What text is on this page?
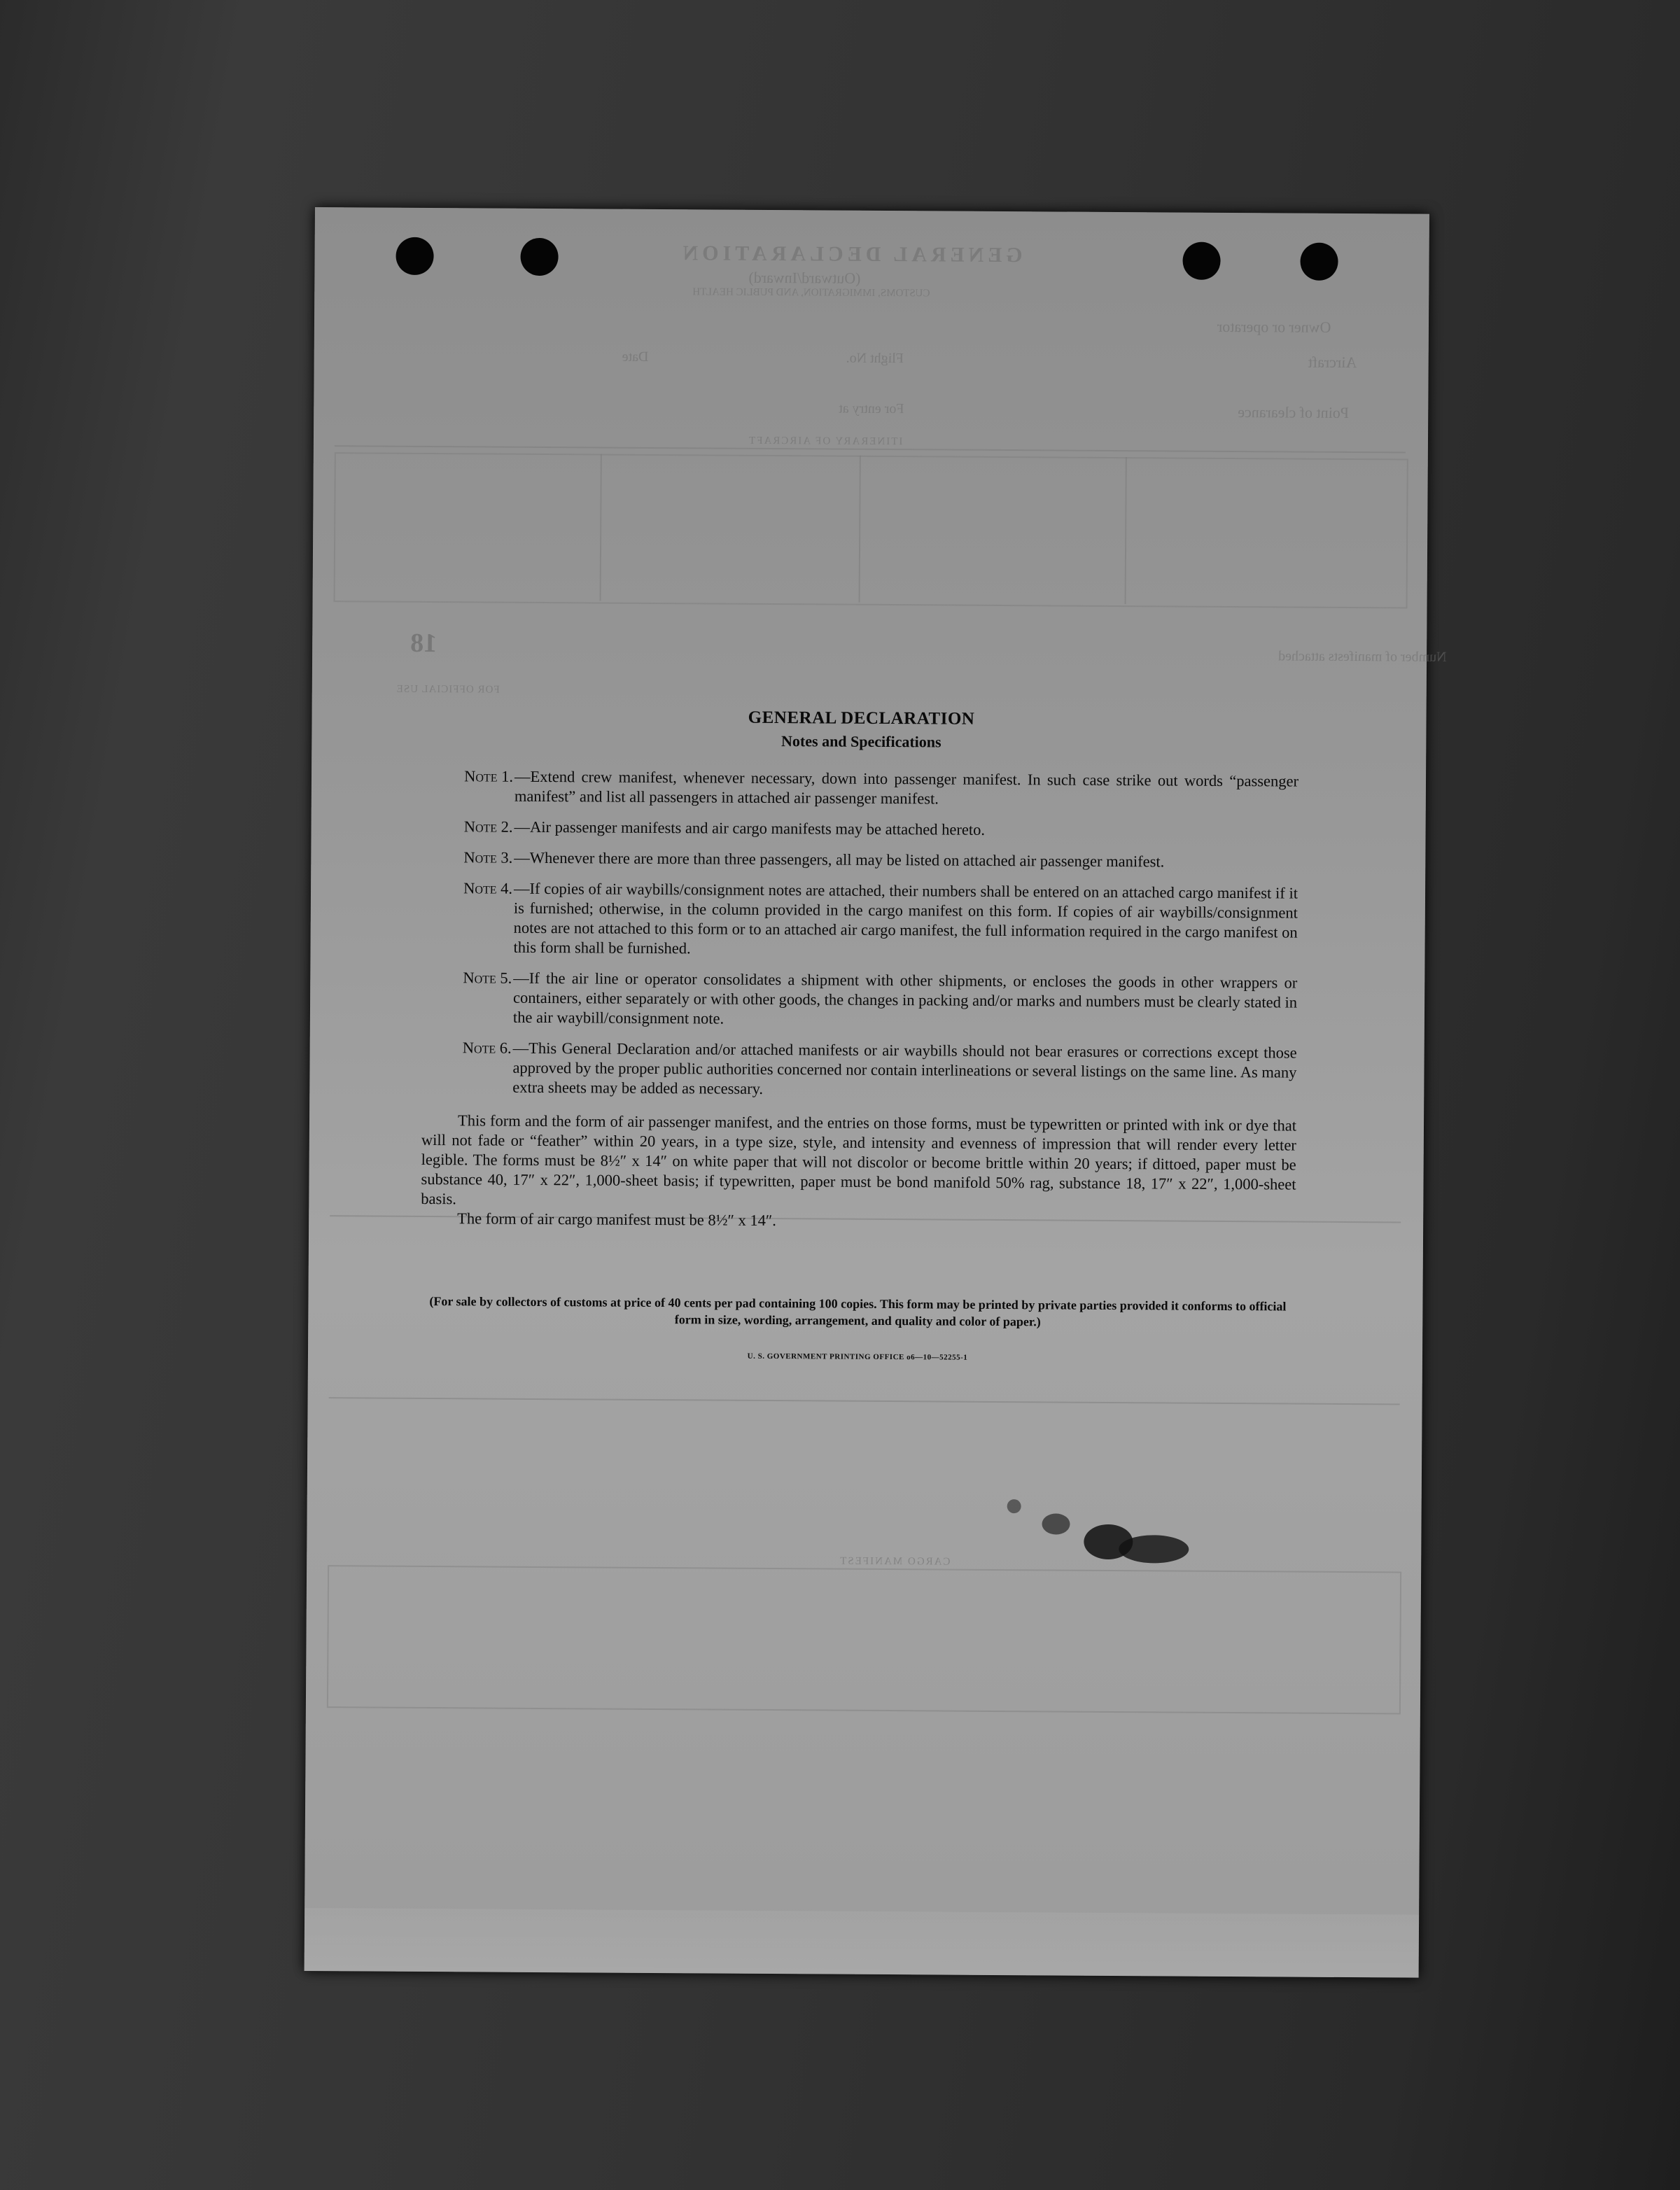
GENERAL DECLARATION
(Outward/Inward)
CUSTOMS, IMMIGRATION, AND PUBLIC HEALTH
Owner or operator
Aircraft
Flight No.
Date
Point of clearance
For entry at
ITINERARY OF AIRCRAFT
Number of manifests attached
FOR OFFICIAL USE
CARGO MANIFEST
18
GENERAL DECLARATION
Notes and Specifications
Note 1. —Extend crew manifest, whenever necessary, down into passenger manifest. In such case strike out words “passenger manifest” and list all passengers in attached air passenger manifest.
Note 2. —Air passenger manifests and air cargo manifests may be attached hereto.
Note 3. —Whenever there are more than three passengers, all may be listed on attached air passenger manifest.
Note 4. —If copies of air waybills/consignment notes are attached, their numbers shall be entered on an attached cargo manifest if it is furnished; otherwise, in the column provided in the cargo manifest on this form. If copies of air waybills/consignment notes are not attached to this form or to an attached air cargo manifest, the full information required in the cargo manifest on this form shall be furnished.
Note 5. —If the air line or operator consolidates a shipment with other shipments, or encloses the goods in other wrappers or containers, either separately or with other goods, the changes in packing and/or marks and numbers must be clearly stated in the air waybill/consignment note.
Note 6. —This General Declaration and/or attached manifests or air waybills should not bear erasures or corrections except those approved by the proper public authorities concerned nor contain interlineations or several listings on the same line. As many extra sheets may be added as necessary.
This form and the form of air passenger manifest, and the entries on those forms, must be typewritten or printed with ink or dye that will not fade or “feather” within 20 years, in a type size, style, and intensity and evenness of impression that will render every letter legible. The forms must be 8½″ x 14″ on white paper that will not discolor or become brittle within 20 years; if dittoed, paper must be substance 40, 17″ x 22″, 1,000-sheet basis; if typewritten, paper must be bond manifold 50% rag, substance 18, 17″ x 22″, 1,000-sheet basis.
The form of air cargo manifest must be 8½″ x 14″.
(For sale by collectors of customs at price of 40 cents per pad containing 100 copies. This form may be printed by private parties provided it conforms to official form in size, wording, arrangement, and quality and color of paper.)
U. S. GOVERNMENT PRINTING OFFICE o6—10—52255-1
